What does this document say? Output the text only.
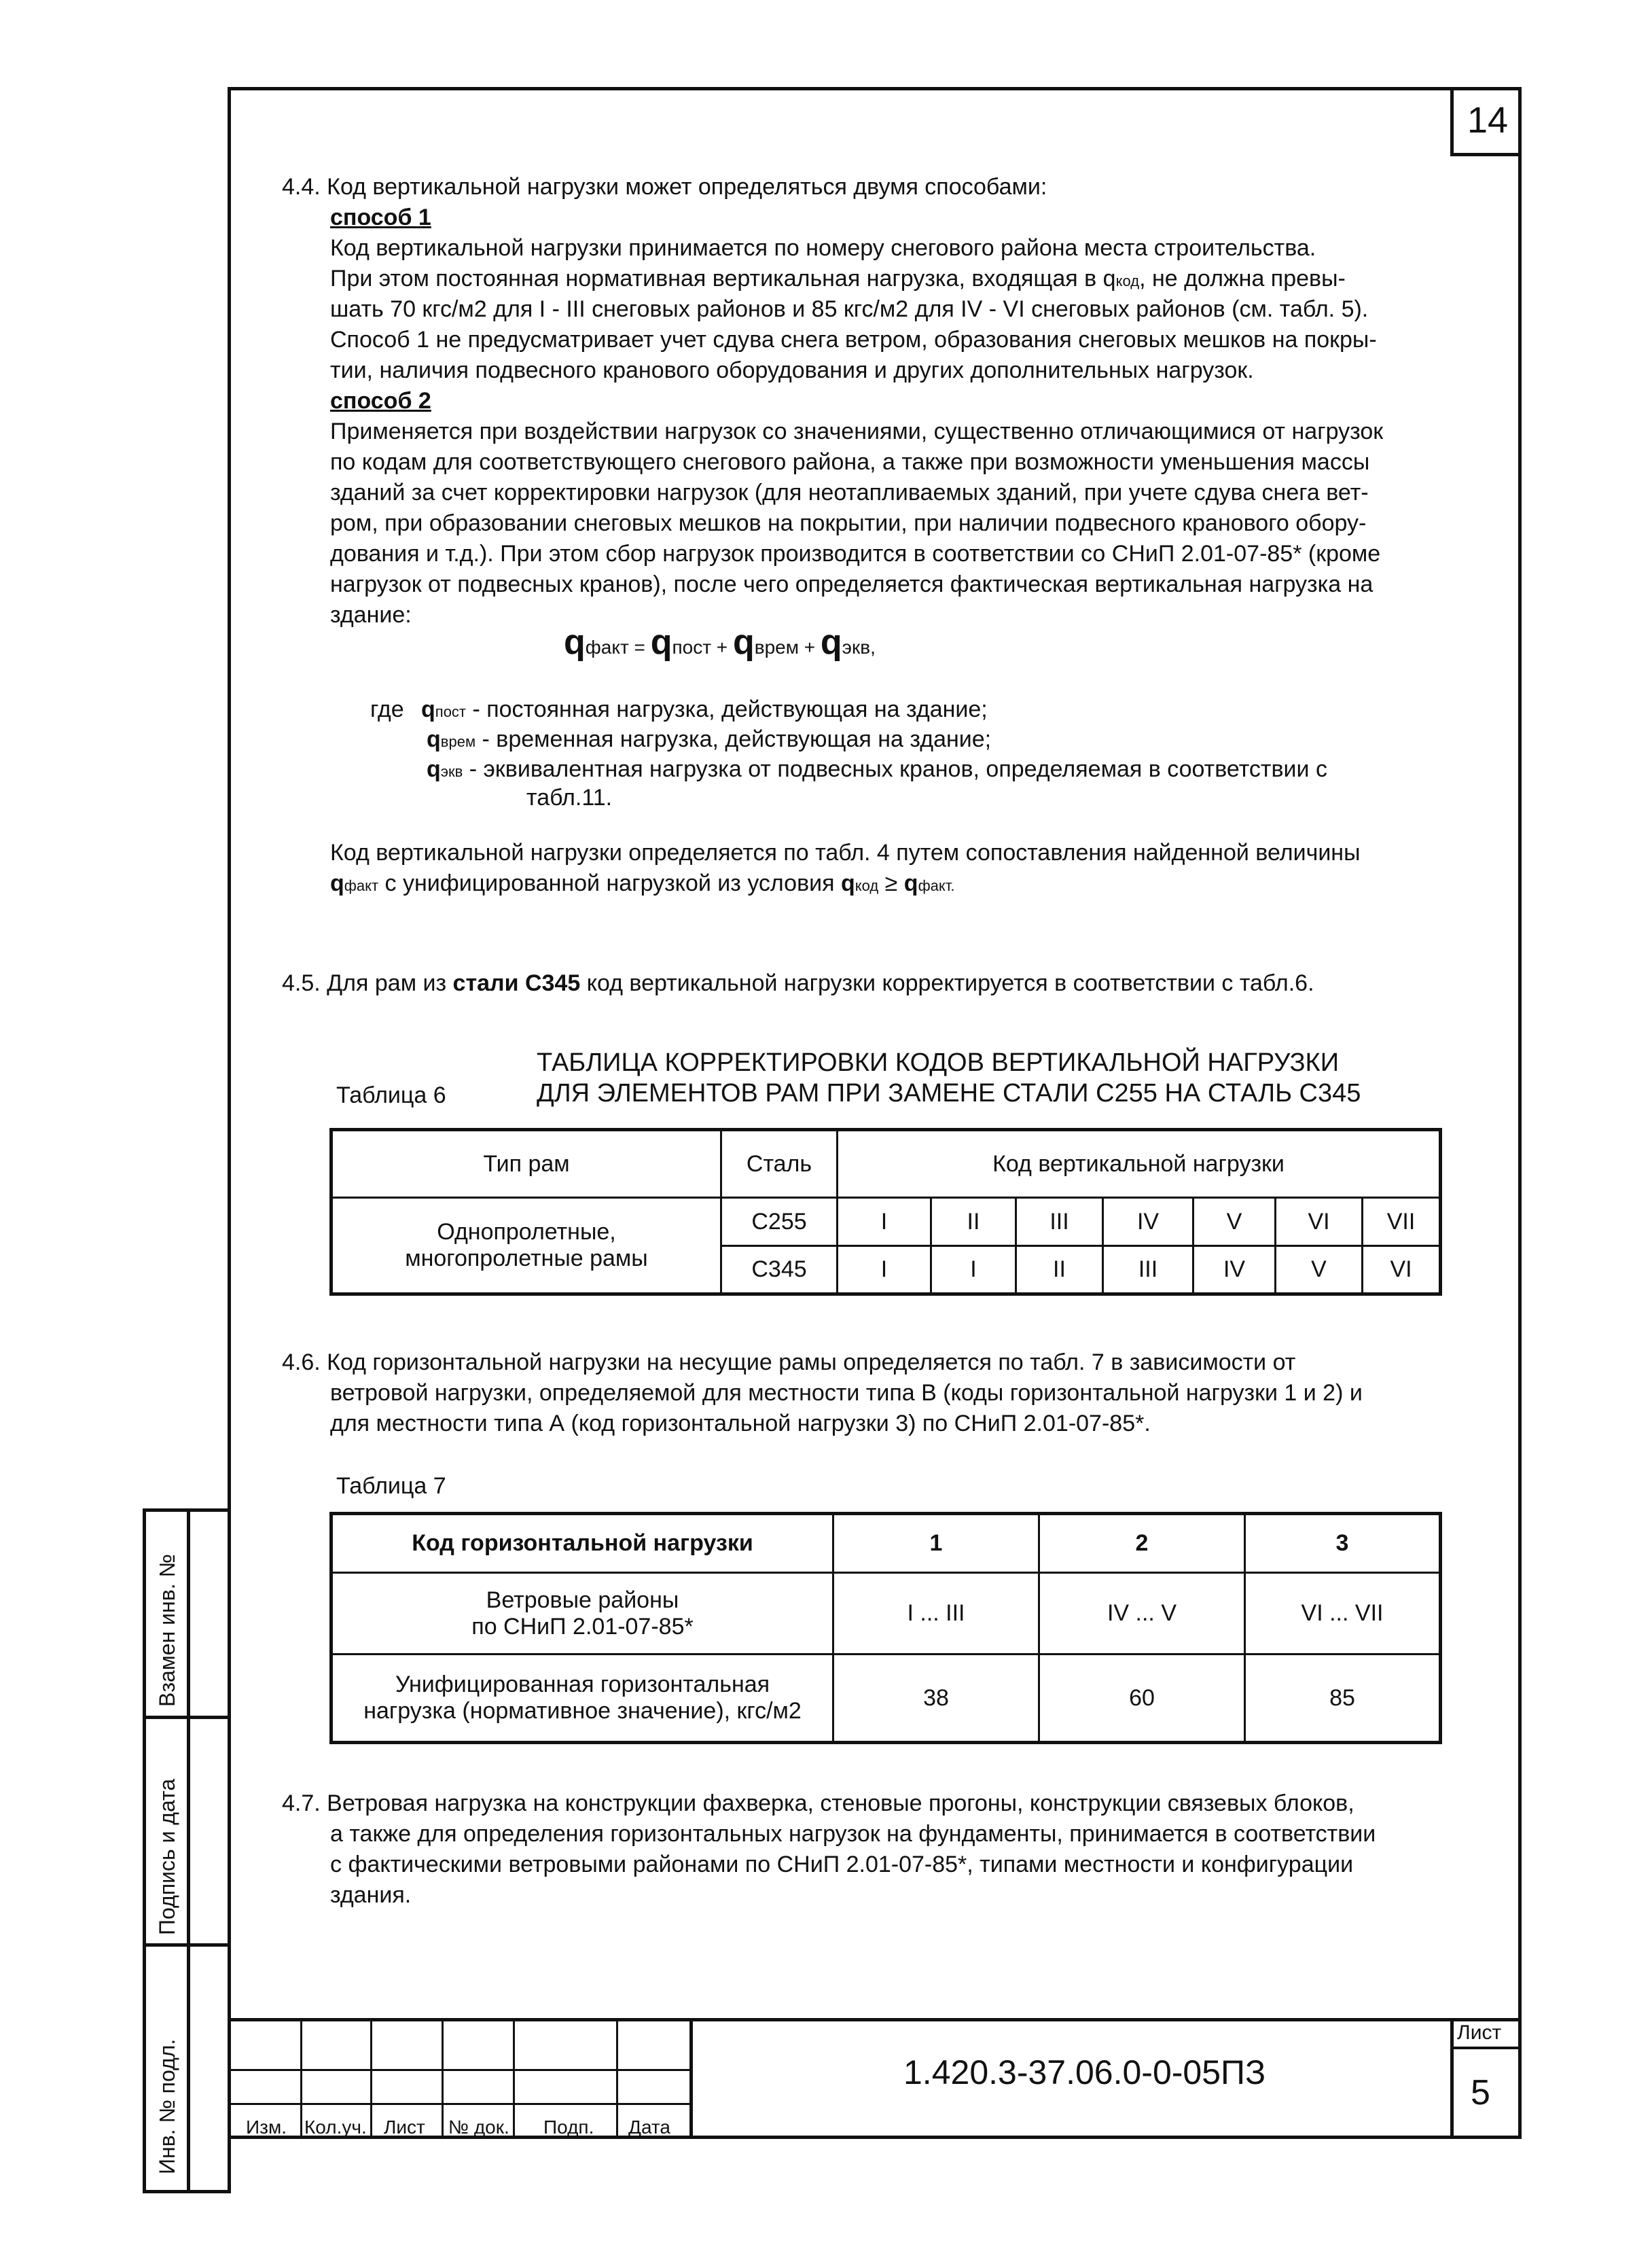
14
4.4. Код вертикальной нагрузки может определяться двумя способами:
способ 1
Код вертикальной нагрузки принимается по номеру снегового района места строительства.
При этом постоянная нормативная вертикальная нагрузка, входящая в qкод, не должна превы-
шать 70 кгс/м2 для I - III снеговых районов и 85 кгс/м2 для IV - VI снеговых районов (см. табл. 5).
Способ 1 не предусматривает учет сдува снега ветром, образования снеговых мешков на покры-
тии, наличия подвесного кранового оборудования и других дополнительных нагрузок.
способ 2
Применяется при воздействии нагрузок со значениями, существенно отличающимися от нагрузок
по кодам для соответствующего снегового района, а также при возможности уменьшения массы
зданий за счет корректировки нагрузок (для неотапливаемых зданий, при учете сдува снега вет-
ром, при образовании снеговых мешков на покрытии, при наличии подвесного кранового обору-
дования и т.д.). При этом сбор нагрузок производится в соответствии со СНиП 2.01-07-85* (кроме
нагрузок от подвесных кранов), после чего определяется фактическая вертикальная нагрузка на
здание:
qфакт = qпост + qврем + qэкв,
где qпост - постоянная нагрузка, действующая на здание;
qврем - временная нагрузка, действующая на здание;
qэкв - эквивалентная нагрузка от подвесных кранов, определяемая в соответствии с
табл.11.
Код вертикальной нагрузки определяется по табл. 4 путем сопоставления найденной величины
qфакт с унифицированной нагрузкой из условия qкод ≥ qфакт.
4.5. Для рам из стали С345 код вертикальной нагрузки корректируется в соответствии с табл.6.
ТАБЛИЦА КОРРЕКТИРОВКИ КОДОВ ВЕРТИКАЛЬНОЙ НАГРУЗКИ
Таблица 6	ДЛЯ ЭЛЕМЕНТОВ РАМ ПРИ ЗАМЕНЕ СТАЛИ С255 НА СТАЛЬ С345
Тип рам	Сталь	Код вертикальной нагрузки						

Однопролетные,
многопролетные рамы	С255	I	II	III	IV	V	VI	VII
	С345	I	I	II	III	IV	V	VI
4.6. Код горизонтальной нагрузки на несущие рамы определяется по табл. 7 в зависимости от
ветровой нагрузки, определяемой для местности типа В (коды горизонтальной нагрузки 1 и 2) и
для местности типа А (код горизонтальной нагрузки 3) по СНиП 2.01-07-85*.
Таблица 7
Код горизонтальной нагрузки	1	2	3

Ветровые районы
по СНиП 2.01-07-85*	I ... III	IV ... V	VI ... VII

Унифицированная горизонтальная
нагрузка (нормативное значение), кгс/м2	38	60	85
4.7. Ветровая нагрузка на конструкции фахверка, стеновые прогоны, конструкции связевых блоков,
а также для определения горизонтальных нагрузок на фундаменты, принимается в соответствии
с фактическими ветровыми районами по СНиП 2.01-07-85*, типами местности и конфигурации
здания.
Взамен инв. №
Подпись и дата
Инв. № подл.	Изм. Кол.уч. Лист № док. Подп. Дата
1.420.3-37.06.0-0-05ПЗ
Лист
5
